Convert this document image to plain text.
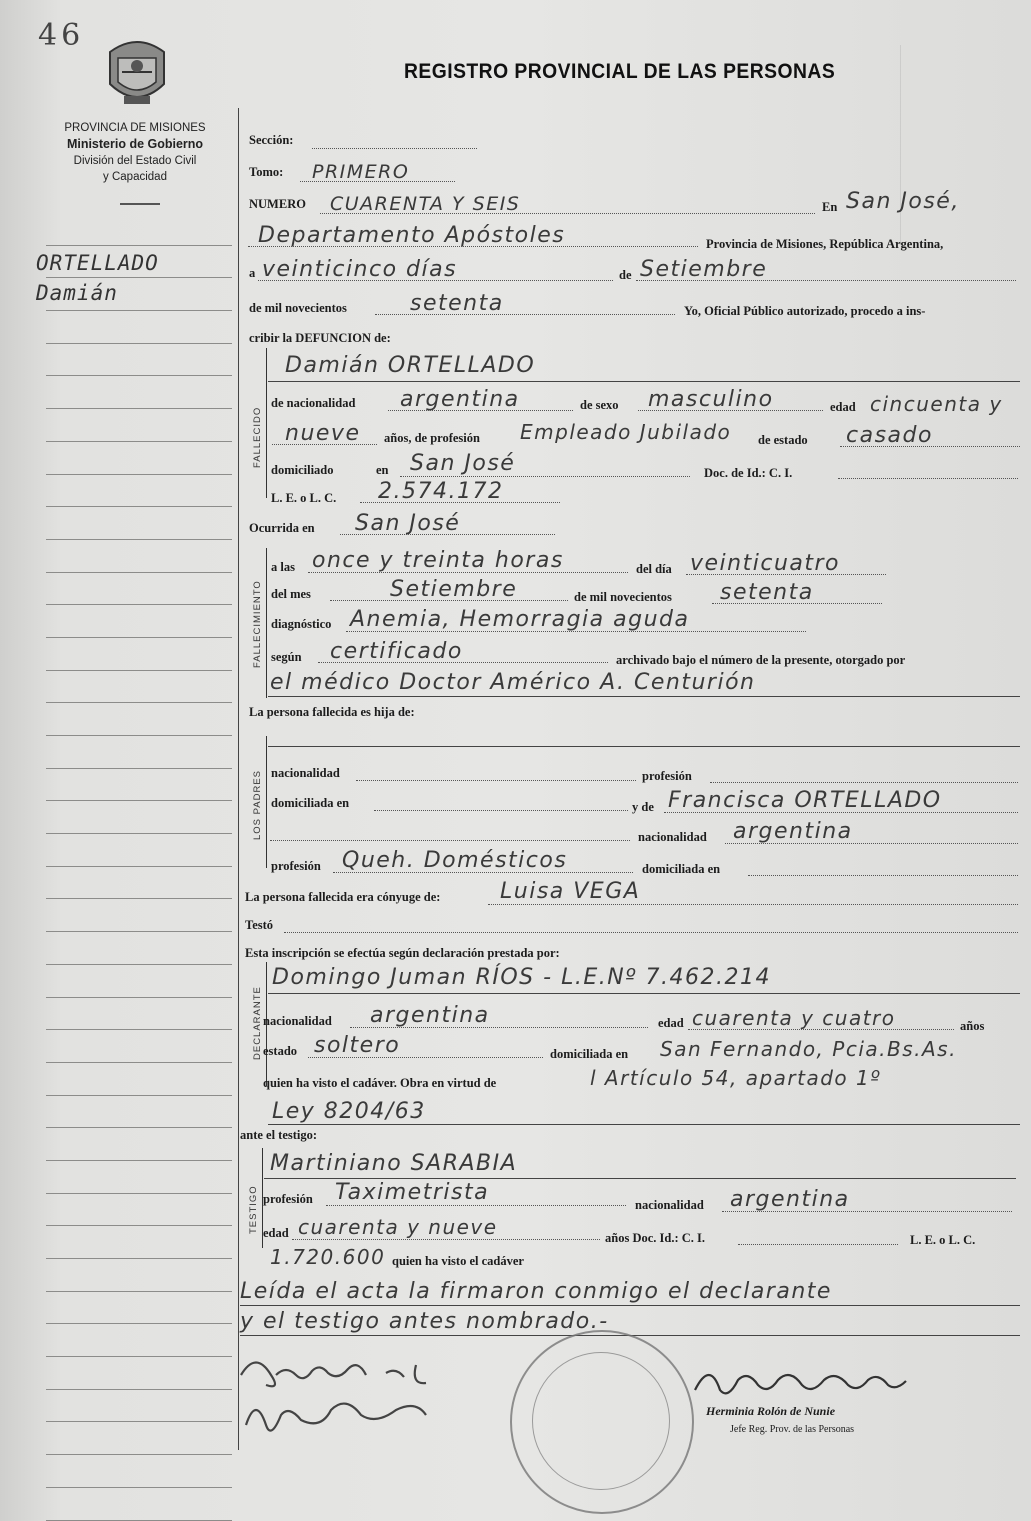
46
PROVINCIA DE MISIONES
Ministerio de Gobierno
División del Estado Civil
y Capacidad
REGISTRO PROVINCIAL DE LAS PERSONAS
ORTELLADO
Damián
Sección:
Tomo: PRIMERO
NUMERO CUARENTA Y SEIS	En San José,
Departamento Apóstoles	Provincia de Misiones, República Argentina,
a veinticinco días	de Setiembre
de mil novecientos	setenta	Yo, Oficial Público autorizado, procedo a ins-
cribir la DEFUNCION de:
FALLECIDO
Damián ORTELLADO
de nacionalidad argentina	de sexo masculino	edad cincuenta y
nueve años, de profesión Empleado Jubilado de estado casado
domiciliado	en San José	Doc. de Id.: C. I.
L. E. o L. C. 2.574.172
Ocurrida en San José
FALLECIMIENTO
a las once y treinta horas	del día veinticuatro
del mes	Setiembre	de mil novecientos setenta
diagnóstico Anemia, Hemorragia aguda
según certificado	archivado bajo el número de la presente, otorgado por
el médico Doctor Américo A. Centurión
La persona fallecida es hija de:
LOS PADRES nacionalidad	profesión
domiciliada en	y de Francisca ORTELLADO
nacionalidad argentina
profesión Queh. Domésticos	domiciliada en
La persona fallecida era cónyuge de:	Luisa VEGA
Testó
Esta inscripción se efectúa según declaración prestada por:
DECLARANTE
Domingo Juman RÍOS - L.E.Nº 7.462.214
nacionalidad argentina	edad cuarenta y cuatro	años
estado soltero	domiciliada en San Fernando, Pcia.Bs.As.
quien ha visto el cadáver. Obra en virtud de	l Artículo 54, apartado 1º
Ley 8204/63
ante el testigo:
TESTIGO
Martiniano SARABIA
profesión Taximetrista	nacionalidad argentina
edad cuarenta y nueve	años Doc. Id.: C. I.	L. E. o L. C.
1.720.600 quien ha visto el cadáver
Leída el acta la firmaron conmigo el declarante
y el testigo antes nombrado.-
Herminia Rolón de Nunie
Jefe Reg. Prov. de las Personas
